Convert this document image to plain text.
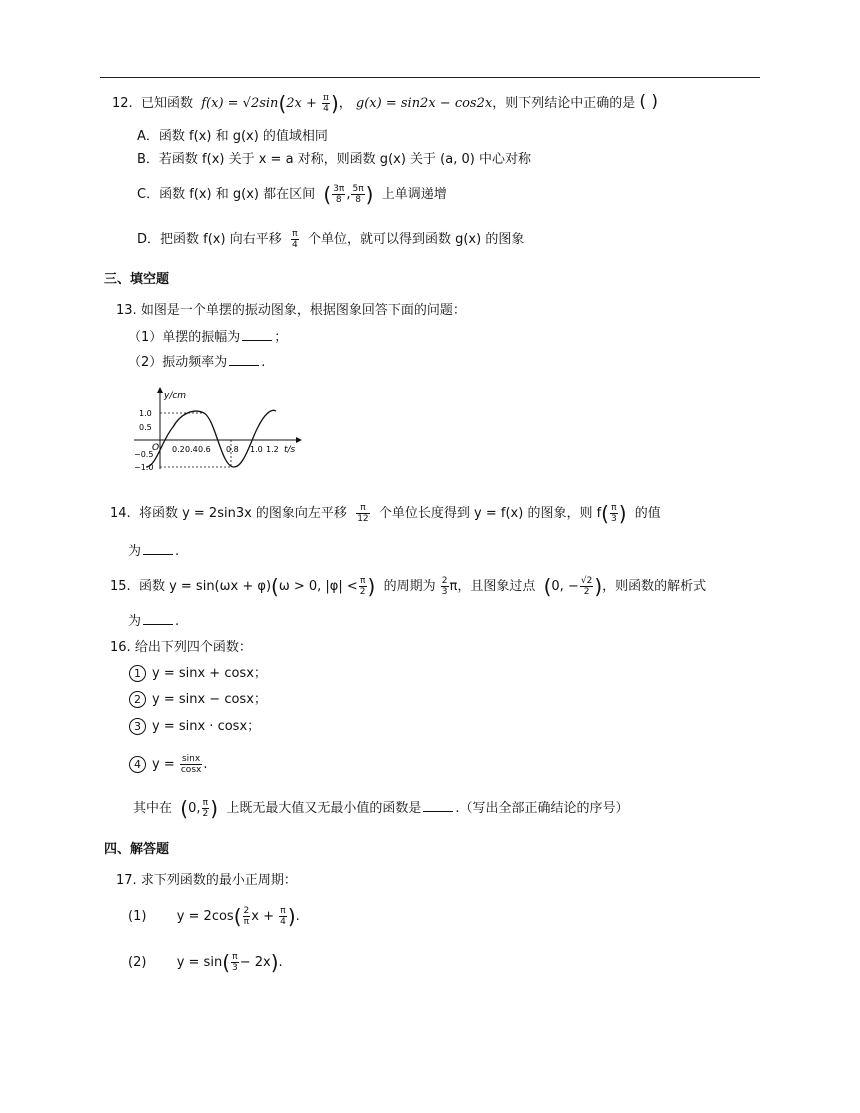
12. 已知函数 $f(x) = √2\sin(2x + \frac{\pi}{4}$ )， g(x) = sin2x − cos2x，则下列结论中正确的是 ( )
A．函数 f(x) 和 g(x) 的值域相同
B．若函数 f(x) 关于 x = a 对称，则函数 g(x) 关于 (a, 0) 中心对称
C．函数 f(x) 和 g(x) 都在区间 ( $\frac{3\pi}{8}$ , $\frac{5\pi}{8}$ ) 上单调递增
D．把函数 f(x) 向右平移 $\frac{\pi}{4}$ 个单位，就可以得到函数 g(x) 的图象
三、填空题
13. 如图是一个单摆的振动图象，根据图象回答下面的问题：
（1）单摆的振幅为	；
（2）振动频率为	.
y/cm
t/s
O
1.0
0.5
−0.5
−1.0
0.2 0.4 0.6 0.8 1.0 1.2
14. 将函数 y = 2sin3x 的图象向左平移 $\frac{\pi}{12}$ 个单位长度得到 y = f(x) 的图象，则 $f( \frac{\pi}{3}$ ) 的值
为	.
15. 函数 y = sin(ωx + φ)(ω > 0, $|\varphi| < \frac{\pi}{2}$ ) 的周期为 $\frac{2}{3}$ π，且图象过点 (0, − $\frac{√2}{2}$ )，则函数的解析式
为	.
16. 给出下列四个函数：
1 y = sinx + cosx；
2 y = sinx − cosx；
3 y = sinx · cosx；
4 $y = \frac{\sin x}{\cos x}$ .
其中在 (0, $\frac{\pi}{2}$ ) 上既无最大值又无最小值的函数是	.（写出全部正确结论的序号）
四、解答题
17. 求下列函数的最小正周期：
(1) $y = 2\cos( \frac{2}{\pi}$ $x + \frac{\pi}{4}$ ).
(2) $y = \sin( \frac{\pi}{3} - 2x)$.
